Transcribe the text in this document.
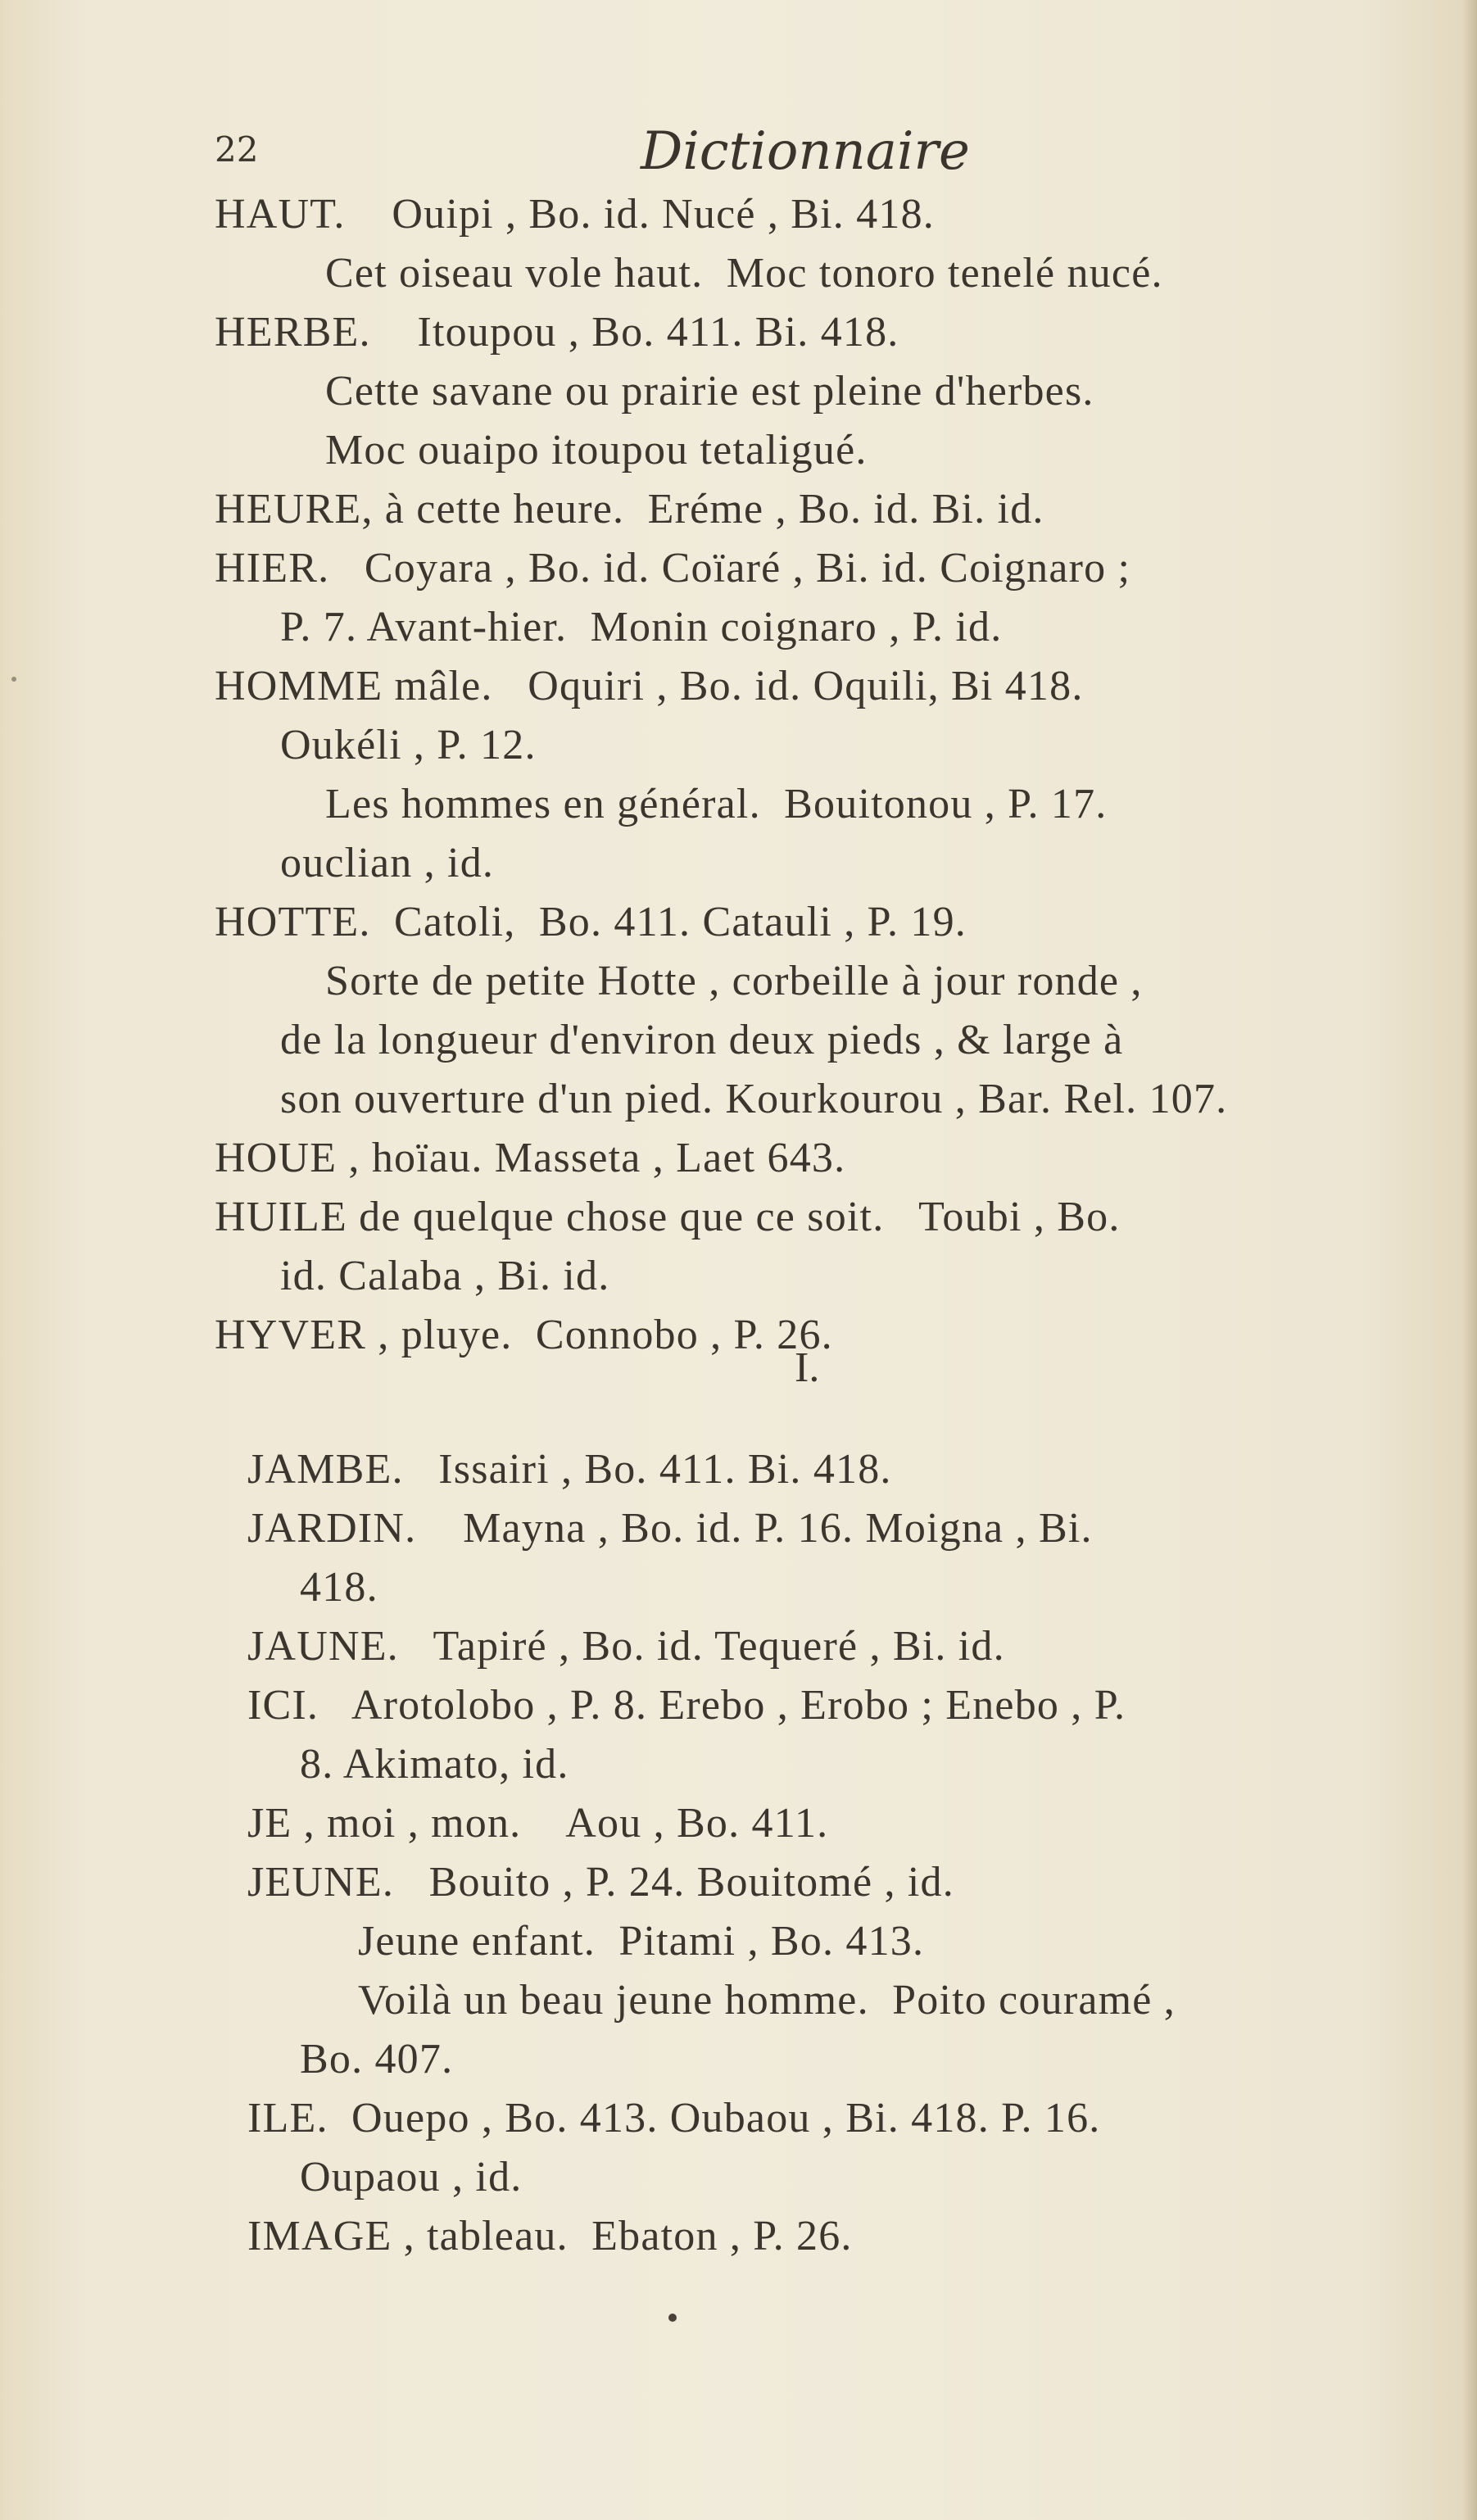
22	Dictionnaire
HAUT.    Ouipi , Bo. id. Nucé , Bi. 418.
Cet oiseau vole haut.  Moc tonoro tenelé nucé.
HERBE.    Itoupou , Bo. 411. Bi. 418.
Cette savane ou prairie est pleine d'herbes.
Moc ouaipo itoupou tetaligué.
HEURE, à cette heure.  Eréme , Bo. id. Bi. id.
HIER.   Coyara , Bo. id. Coïaré , Bi. id. Coignaro ;
P. 7. Avant-hier.  Monin coignaro , P. id.
HOMME mâle.   Oquiri , Bo. id. Oquili, Bi 418.
Oukéli , P. 12.
Les hommes en général.  Bouitonou , P. 17.
ouclian , id.
HOTTE.  Catoli,  Bo. 411. Catauli , P. 19.
Sorte de petite Hotte , corbeille à jour ronde ,
de la longueur d'environ deux pieds , & large à
son ouverture d'un pied. Kourkourou , Bar. Rel. 107.
HOUE , hoïau. Masseta , Laet 643.
HUILE de quelque chose que ce soit.   Toubi , Bo.
id. Calaba , Bi. id.
HYVER , pluye.  Connobo , P. 26.
I.
JAMBE.   Issairi , Bo. 411. Bi. 418.
JARDIN.    Mayna , Bo. id. P. 16. Moigna , Bi.
418.
JAUNE.   Tapiré , Bo. id. Tequeré , Bi. id.
ICI.   Arotolobo , P. 8. Erebo , Erobo ; Enebo , P.
8. Akimato, id.
JE , moi , mon.    Aou , Bo. 411.
JEUNE.   Bouito , P. 24. Bouitomé , id.
Jeune enfant.  Pitami , Bo. 413.
Voilà un beau jeune homme.  Poito couramé ,
Bo. 407.
ILE.  Ouepo , Bo. 413. Oubaou , Bi. 418. P. 16.
Oupaou , id.
IMAGE , tableau.  Ebaton , P. 26.
